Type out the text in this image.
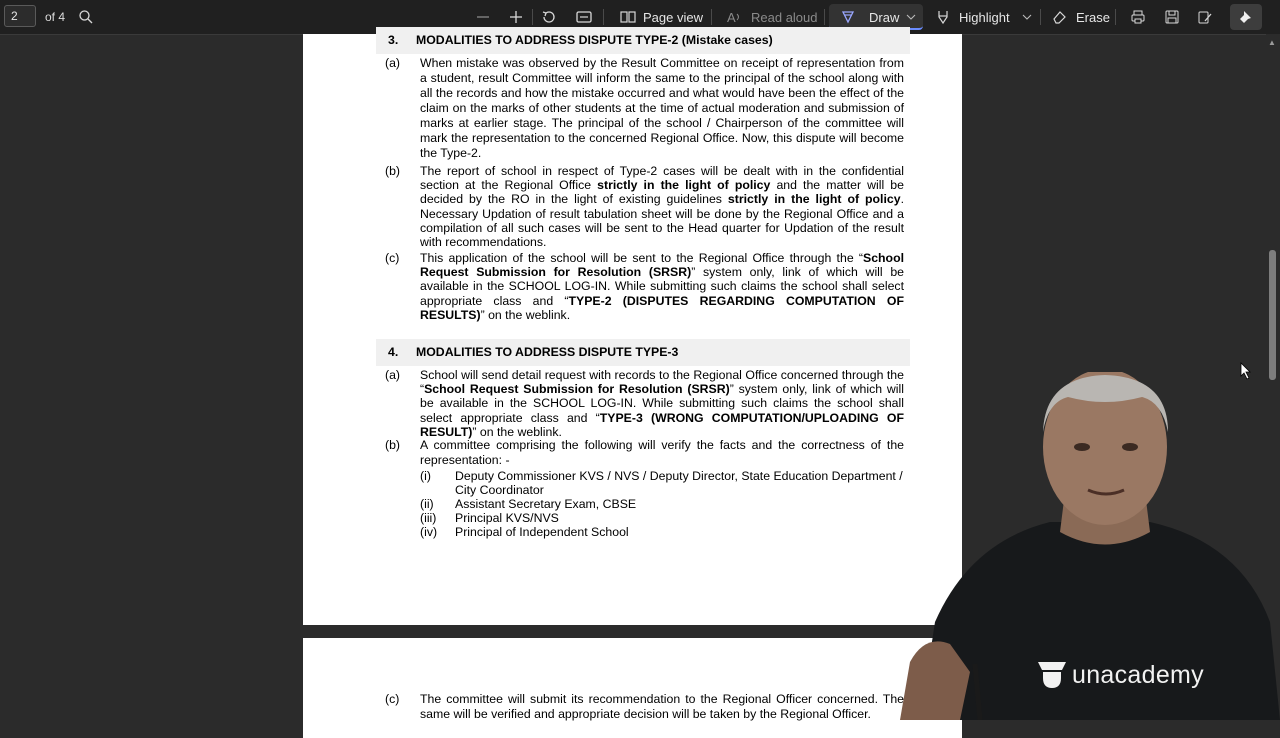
2
of 4	Page view A Read aloud	Draw	Highlight	Erase
3. MODALITIES TO ADDRESS DISPUTE TYPE-2 (Mistake cases)
(a) When mistake was observed by the Result Committee on receipt of representation from a student, result Committee will inform the same to the principal of the school along with all the records and how the mistake occurred and what would have been the effect of the claim on the marks of other students at the time of actual moderation and submission of marks at earlier stage. The principal of the school / Chairperson of the committee will mark the representation to the concerned Regional Office. Now, this dispute will become the Type-2.
(b) The report of school in respect of Type-2 cases will be dealt with in the confidential section at the Regional Office strictly in the light of policy and the matter will be decided by the RO in the light of existing guidelines strictly in the light of policy. Necessary Updation of result tabulation sheet will be done by the Regional Office and a compilation of all such cases will be sent to the Head quarter for Updation of the result with recommendations.
(c) This application of the school will be sent to the Regional Office through the “School Request Submission for Resolution (SRSR)” system only, link of which will be available in the SCHOOL LOG-IN. While submitting such claims the school shall select appropriate class and “TYPE-2 (DISPUTES REGARDING COMPUTATION OF RESULTS)” on the weblink.
4. MODALITIES TO ADDRESS DISPUTE TYPE-3
(a) School will send detail request with records to the Regional Office concerned through the “School Request Submission for Resolution (SRSR)” system only, link of which will be available in the SCHOOL LOG-IN. While submitting such claims the school shall select appropriate class and “TYPE-3 (WRONG COMPUTATION/UPLOADING OF RESULT)” on the weblink.
(b) A committee comprising the following will verify the facts and the correctness of the representation: -
(i) Deputy Commissioner KVS / NVS / Deputy Director, State Education Department / City Coordinator
(ii) Assistant Secretary Exam, CBSE
(iii) Principal KVS/NVS
(iv) Principal of Independent School
(c) The committee will submit its recommendation to the Regional Officer concerned. The same will be verified and appropriate decision will be taken by the Regional Officer.
▲
unacademy
